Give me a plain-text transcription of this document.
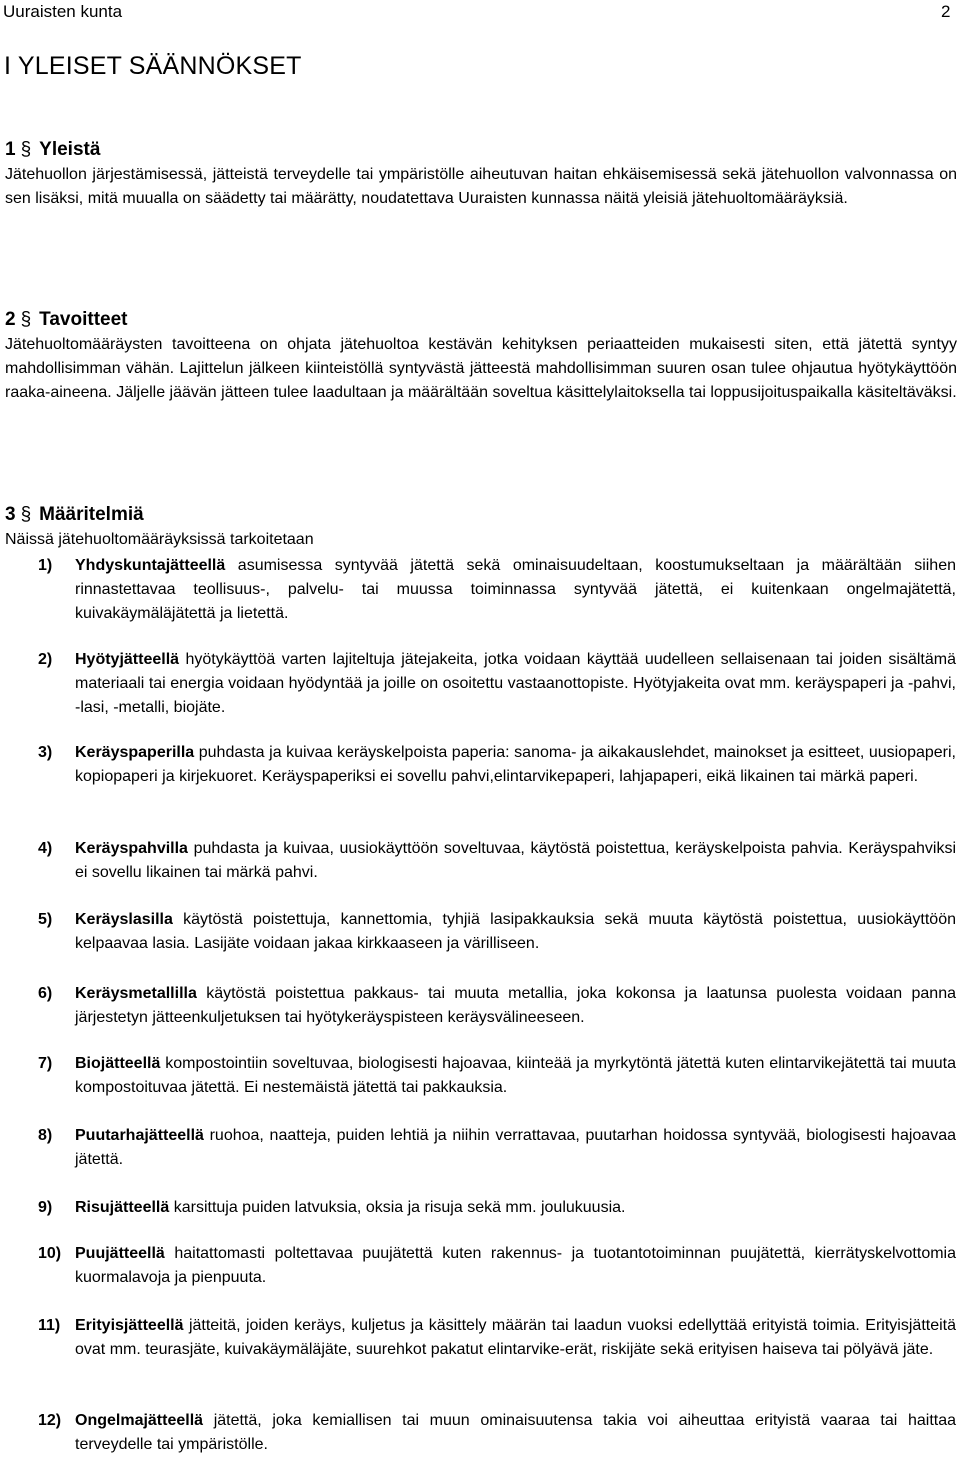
Uuraisten kunta	2
I YLEISET SÄÄNNÖKSET
1 § Yleistä

Jätehuollon järjestämisessä, jätteistä terveydelle tai ympäristölle aiheutuvan haitan ehkäisemisessä sekä jätehuollon valvonnassa on sen lisäksi, mitä muualla on säädetty tai määrätty, noudatettava Uuraisten kunnassa näitä yleisiä jätehuoltomääräyksiä.

2 § Tavoitteet

Jätehuoltomääräysten tavoitteena on ohjata jätehuoltoa kestävän kehityksen periaatteiden mukaisesti siten, että jätettä syntyy mahdollisimman vähän. Lajittelun jälkeen kiinteistöllä syntyvästä jätteestä mahdollisimman suuren osan tulee ohjautua hyötykäyttöön raaka-aineena. Jäljelle jäävän jätteen tulee laadultaan ja määrältään soveltua käsittelylaitoksella tai loppusijoituspaikalla käsiteltäväksi.

3 § Määritelmiä

Näissä jätehuoltomääräyksissä tarkoitetaan

1) Yhdyskuntajätteellä asumisessa syntyvää jätettä sekä ominaisuudeltaan, koostumukseltaan ja määrältään siihen rinnastettavaa teollisuus-, palvelu- tai muussa toiminnassa syntyvää jätettä, ei kuitenkaan ongelmajätettä, kuivakäymäläjätettä ja lietettä.
2) Hyötyjätteellä hyötykäyttöä varten lajiteltuja jätejakeita, jotka voidaan käyttää uudelleen sellaisenaan tai joiden sisältämä materiaali tai energia voidaan hyödyntää ja joille on osoitettu vastaanottopiste. Hyötyjakeita ovat mm. keräyspaperi ja -pahvi, -lasi, -metalli, biojäte.
3) Keräyspaperilla puhdasta ja kuivaa keräyskelpoista paperia: sanoma- ja aikakauslehdet, mainokset ja esitteet, uusiopaperi, kopiopaperi ja kirjekuoret. Keräyspaperiksi ei sovellu pahvi,elintarvikepaperi, lahjapaperi, eikä likainen tai märkä paperi.
4) Keräyspahvilla puhdasta ja kuivaa, uusiokäyttöön soveltuvaa, käytöstä poistettua, keräyskelpoista pahvia. Keräyspahviksi ei sovellu likainen tai märkä pahvi.
5) Keräyslasilla käytöstä poistettuja, kannettomia, tyhjiä lasipakkauksia sekä muuta käytöstä poistettua, uusiokäyttöön kelpaavaa lasia. Lasijäte voidaan jakaa kirkkaaseen ja värilliseen.
6) Keräysmetallilla käytöstä poistettua pakkaus- tai muuta metallia, joka kokonsa ja laatunsa puolesta voidaan panna järjestetyn jätteenkuljetuksen tai hyötykeräyspisteen keräysvälineeseen.
7) Biojätteellä kompostointiin soveltuvaa, biologisesti hajoavaa, kiinteää ja myrkytöntä jätettä kuten elintarvikejätettä tai muuta kompostoituvaa jätettä. Ei nestemäistä jätettä tai pakkauksia.
8) Puutarhajätteellä ruohoa, naatteja, puiden lehtiä ja niihin verrattavaa, puutarhan hoidossa syntyvää, biologisesti hajoavaa jätettä.
9) Risujätteellä karsittuja puiden latvuksia, oksia ja risuja sekä mm. joulukuusia.
10) Puujätteellä haitattomasti poltettavaa puujätettä kuten rakennus- ja tuotantotoiminnan puujätettä, kierrätyskelvottomia kuormalavoja ja pienpuuta.
11) Erityisjätteellä jätteitä, joiden keräys, kuljetus ja käsittely määrän tai laadun vuoksi edellyttää erityistä toimia. Erityisjätteitä ovat mm. teurasjäte, kuivakäymäläjäte, suurehkot pakatut elintarvike-erät, riskijäte sekä erityisen haiseva tai pölyävä jäte.
12) Ongelmajätteellä jätettä, joka kemiallisen tai muun ominaisuutensa takia voi aiheuttaa erityistä vaaraa tai haittaa terveydelle tai ympäristölle.
